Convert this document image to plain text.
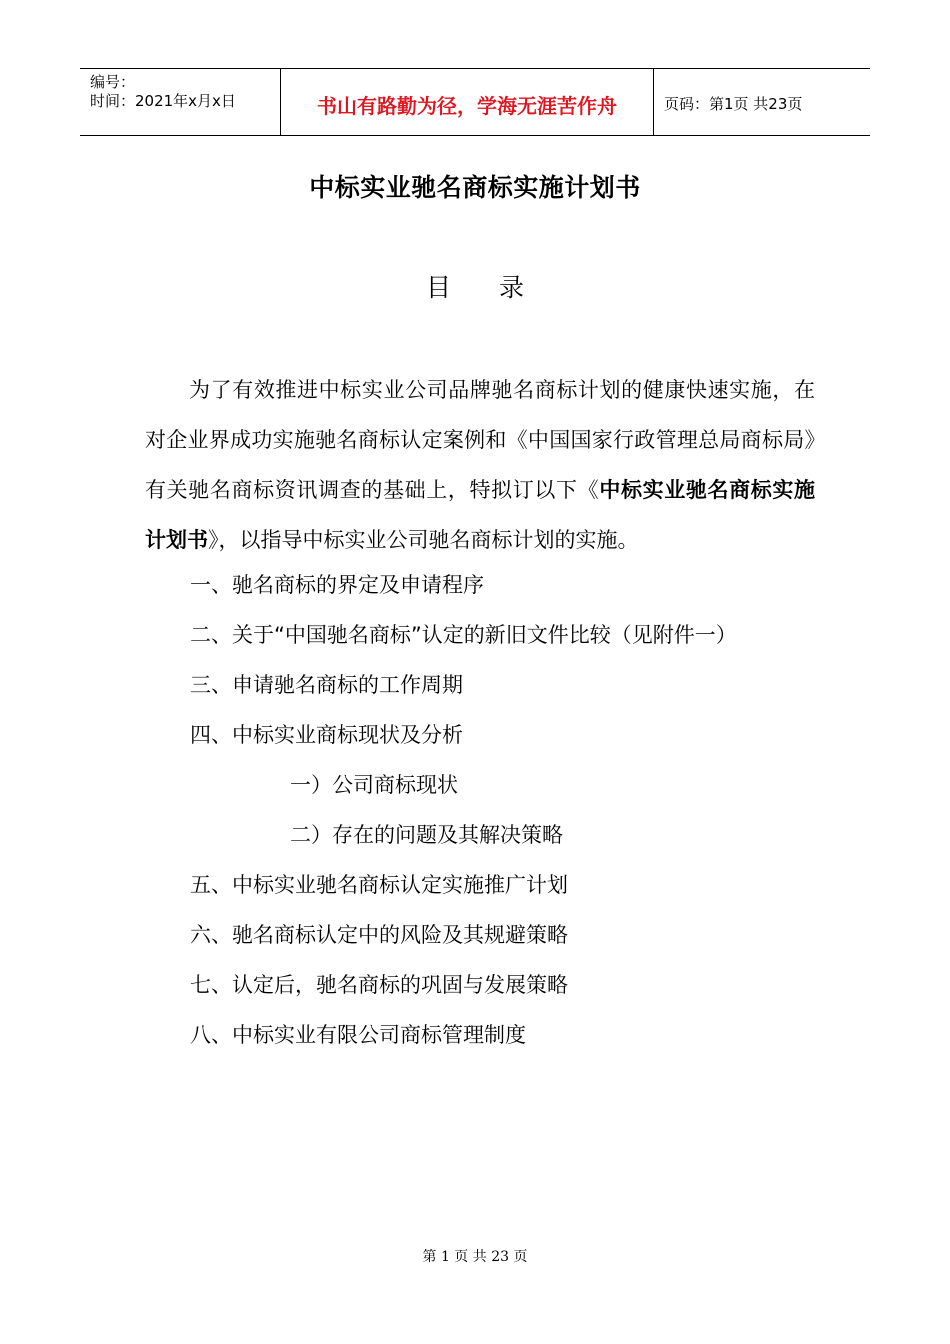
编号：
时间：2021年x月x日	书山有路勤为径，学海无涯苦作舟	页码：第1页 共23页
中标实业驰名商标实施计划书
目 录
为了有效推进中标实业公司品牌驰名商标计划的健康快速实施，在对企业界成功实施驰名商标认定案例和《中国国家行政管理总局商标局》有关驰名商标资讯调查的基础上，特拟订以下《中标实业驰名商标实施计划书》，以指导中标实业公司驰名商标计划的实施。
一、驰名商标的界定及申请程序
二、关于“中国驰名商标”认定的新旧文件比较（见附件一）
三、申请驰名商标的工作周期
四、中标实业商标现状及分析
一）公司商标现状
二）存在的问题及其解决策略
五、中标实业驰名商标认定实施推广计划
六、驰名商标认定中的风险及其规避策略
七、认定后，驰名商标的巩固与发展策略
八、中标实业有限公司商标管理制度
第 1 页 共 23 页
